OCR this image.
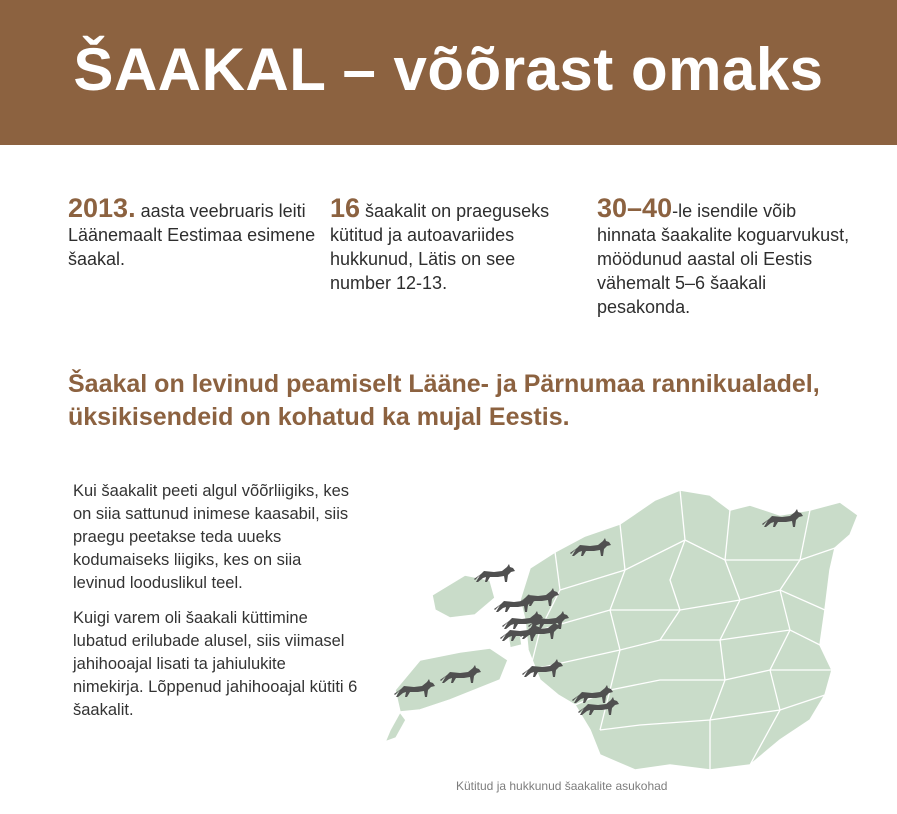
ŠAAKAL – võõrast omaks
2013. aasta veebruaris leiti Läänemaalt Eestimaa esimene šaakal.
16 šaakalit on praeguseks kütitud ja autoavariides hukkunud, Lätis on see number 12-13.
30–40-le isendile võib hinnata šaakalite koguarvukust, möödunud aastal oli Eestis vähemalt 5–6 šaakali pesakonda.
Šaakal on levinud peamiselt Lääne- ja Pärnumaa rannikualadel, üksikisendeid on kohatud ka mujal Eestis.

Kui šaakalit peeti algul võõrliigiks, kes on siia sattunud inimese kaasabil, siis praegu peetakse teda uueks kodumaiseks liigiks, kes on siia levinud looduslikul teel.

Kuigi varem oli šaakali küttimine lubatud erilubade alusel, siis viimasel jahihooajal lisati ta jahiulukite nimekirja. Lõppenud jahihooajal kütiti 6 šaakalit.

Kütitud ja hukkunud šaakalite asukohad
